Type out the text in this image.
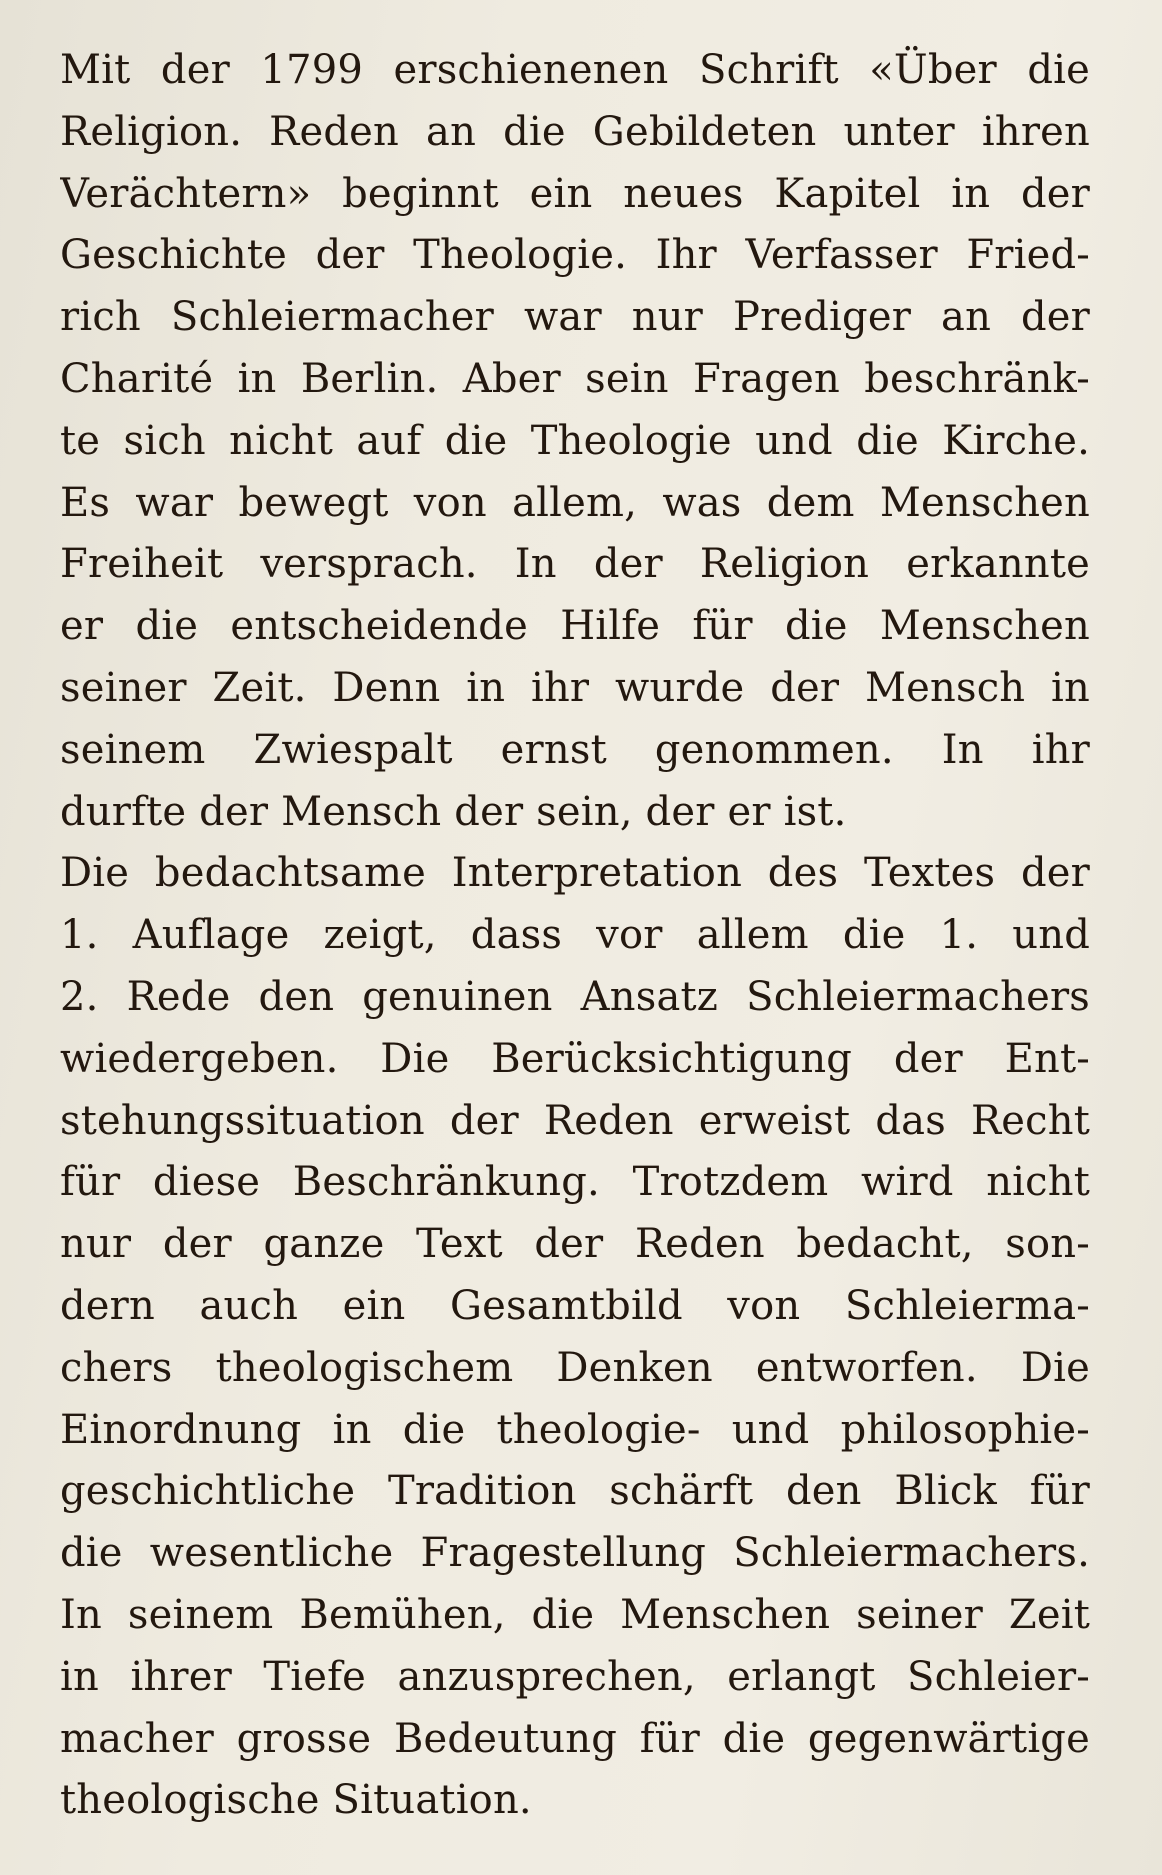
Mit der 1799 erschienenen Schrift «Über die
Religion. Reden an die Gebildeten unter ihren
Verächtern» beginnt ein neues Kapitel in der
Geschichte der Theologie. Ihr Verfasser Fried-
rich Schleiermacher war nur Prediger an der
Charité in Berlin. Aber sein Fragen beschränk-
te sich nicht auf die Theologie und die Kirche.
Es war bewegt von allem, was dem Menschen
Freiheit versprach. In der Religion erkannte
er die entscheidende Hilfe für die Menschen
seiner Zeit. Denn in ihr wurde der Mensch in
seinem Zwiespalt ernst genommen. In ihr
durfte der Mensch der sein, der er ist.
Die bedachtsame Interpretation des Textes der
1. Auflage zeigt, dass vor allem die 1. und
2. Rede den genuinen Ansatz Schleiermachers
wiedergeben. Die Berücksichtigung der Ent-
stehungssituation der Reden erweist das Recht
für diese Beschränkung. Trotzdem wird nicht
nur der ganze Text der Reden bedacht, son-
dern auch ein Gesamtbild von Schleierma-
chers theologischem Denken entworfen. Die
Einordnung in die theologie- und philosophie-
geschichtliche Tradition schärft den Blick für
die wesentliche Fragestellung Schleiermachers.
In seinem Bemühen, die Menschen seiner Zeit
in ihrer Tiefe anzusprechen, erlangt Schleier-
macher grosse Bedeutung für die gegenwärtige
theologische Situation.
